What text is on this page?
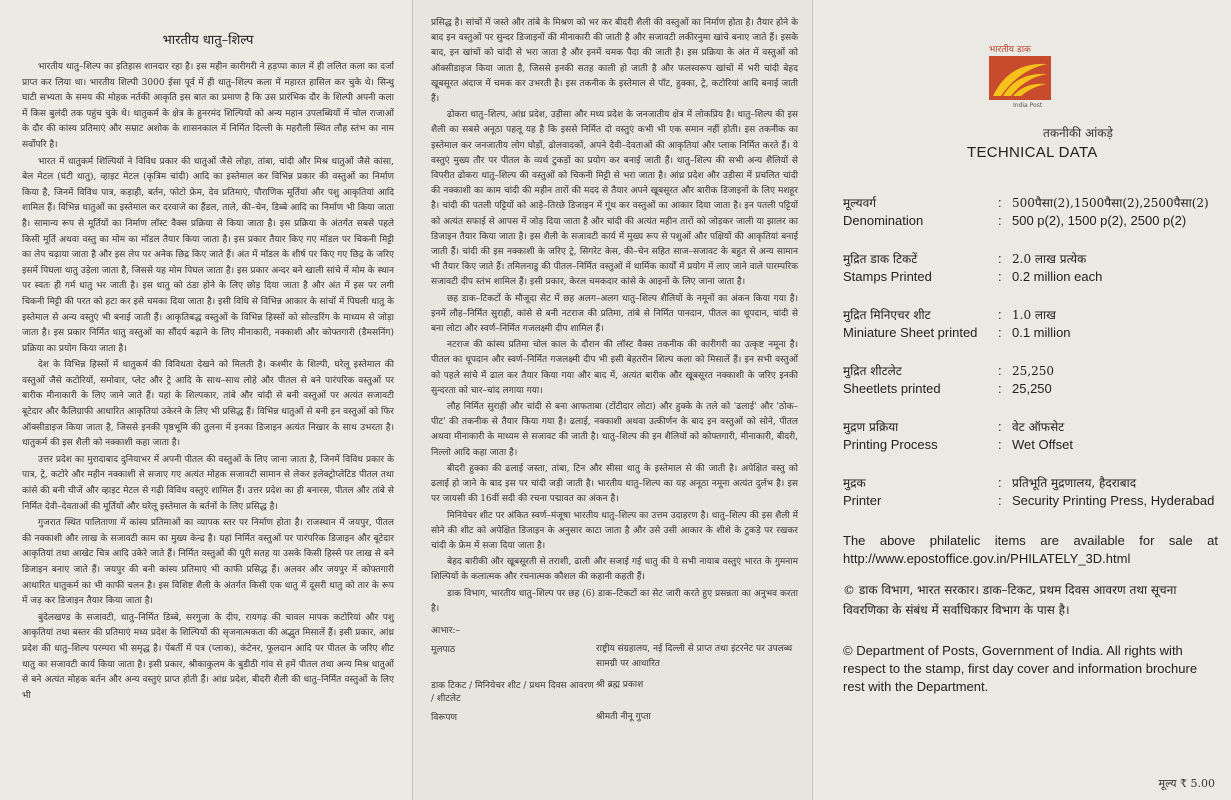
भारतीय धातु–शिल्प

भारतीय धातु–शिल्प का इतिहास शानदार रहा है। इस महीन कारीगरी ने हड़प्पा काल में ही ललित कला का दर्जा प्राप्त कर लिया था। भारतीय शिल्पी 3000 ईसा पूर्व में ही धातु–शिल्प कला में महारत हासिल कर चुके थे। सिन्धु घाटी सभ्यता के समय की मोहक नर्तकी आकृति इस बात का प्रमाण है कि उस प्रारंभिक दौर के शिल्पी अपनी कला में किस बुलंदी तक पहुंच चुके थे। धातुकर्म के क्षेत्र के हुनरमंद शिल्पियों को अन्य महान उपलब्धियों में चोल राजाओं के दौर की कांस्य प्रतिमाएं और सम्राट अशोक के शासनकाल में निर्मित दिल्ली के महरौली स्थित लौह स्तंभ का नाम सर्वोपरि है।

भारत में धातुकर्म शिल्पियों ने विविध प्रकार की धातुओं जैसे लोहा, तांबा, चांदी और मिश्र धातुओं जैसे कांसा, बेल मेटल (घंटी धातु), व्हाइट मेटल (कृत्रिम चांदी) आदि का इस्तेमाल कर विभिन्न प्रकार की वस्तुओं का निर्माण किया है, जिनमें विविध पात्र, कड़ाही, बर्तन, फोटो फ्रेम, देव प्रतिमाएं, पौराणिक मूर्तियां और पशु आकृतियां आदि शामिल हैं। विभिन्न धातुओं का इस्तेमाल कर दरवाजे का हैंडल, ताले, की–चेन, डिब्बे आदि का निर्माण भी किया जाता है। सामान्य रूप से मूर्तियों का निर्माण लॉस्ट वैक्स प्रक्रिया से किया जाता है। इस प्रक्रिया के अंतर्गत सबसे पहले किसी मूर्ति अथवा वस्तु का मोम का मॉडल तैयार किया जाता है। इस प्रकार तैयार किए गए मॉडल पर चिकनी मिट्टी का लेप चढ़ाया जाता है और इस लेप पर अनेक छिद्र किए जाते हैं। अंत में मॉडल के शीर्ष पर किए गए छिद्र के जरिए इसमें पिघला धातु उड़ेला जाता है, जिससे यह मोम पिघल जाता है। इस प्रकार अन्दर बने खाली सांचे में मोम के स्थान पर स्वतः ही गर्म धातु भर जाती है। इस धातु को ठंडा होने के लिए छोड़ दिया जाता है और अंत में इस पर लगी चिकनी मिट्टी की परत को हटा कर इसे चमका दिया जाता है। इसी विधि से विभिन्न आकार के सांचों में पिघली धातु के इस्तेमाल से अन्य वस्तुएं भी बनाई जाती हैं। आकृतिबद्ध वस्तुओं के विभिन्न हिस्सों को सोल्डरिंग के माध्यम से जोड़ा जाता है। इस प्रकार निर्मित धातु वस्तुओं का सौंदर्य बढ़ाने के लिए मीनाकारी, नक्काशी और कोफ्तगारी (डैमसनिंग) प्रक्रिया का प्रयोग किया जाता है।

देश के विभिन्न हिस्सों में धातुकर्म की विविधता देखने को मिलती है। कश्मीर के शिल्पी, घरेलू इस्तेमाल की वस्तुओं जैसे कटोरियों, समोवार, प्लेट और ट्रे आदि के साथ–साथ लोहे और पीतल से बने पारंपरिक वस्तुओं पर बारीक मीनाकारी के लिए जाने जाते हैं। यहां के शिल्पकार, तांबे और चांदी से बनी वस्तुओं पर अत्यंत सजावटी बूटेदार और कैलिग्राफी आधारित आकृतियां उकेरने के लिए भी प्रसिद्ध हैं। विभिन्न धातुओं से बनी इन वस्तुओं को फिर ऑक्सीडाइज किया जाता है, जिससे इनकी पृष्ठभूमि की तुलना में इनका डिजाइन अत्यंत निखार के साथ उभरता है। धातुकर्म की इस शैली को नक्काशी कहा जाता है।

उत्तर प्रदेश का मुरादाबाद दुनियाभर में अपनी पीतल की वस्तुओं के लिए जाना जाता है, जिनमें विविध प्रकार के पात्र, ट्रे, कटोरे और महीन नक्काशी से सजाए गए अत्यंत मोहक सजावटी सामान से लेकर इलेक्ट्रोप्लेटिड पीतल तथा कांसे की बनी चीजें और व्हाइट मेटल से गढ़ी विविध वस्तुएं शामिल हैं। उत्तर प्रदेश का ही बनारस, पीतल और तांबे से निर्मित देवी–देवताओं की मूर्तियों और घरेलू इस्तेमाल के बर्तनों के लिए प्रसिद्ध है।

गुजरात स्थित पालिताणा में कांस्य प्रतिमाओं का व्यापक स्तर पर निर्माण होता है। राजस्थान में जयपुर, पीतल की नक्काशी और लाख के सजावटी काम का मुख्य केन्द्र है। यहां निर्मित वस्तुओं पर पारंपरिक डिजाइन और बूटेदार आकृतियां तथा आखेट चित्र आदि उकेरे जाते हैं। निर्मित वस्तुओं की पूरी सतह या उसके किसी हिस्से पर लाख से बने डिजाइन बनाए जाते हैं। जयपुर की बनी कांस्य प्रतिमाएं भी काफी प्रसिद्ध हैं। अलवर और जयपुर में कोफ्तगारी आधारित धातुकर्म का भी काफी चलन है। इस विशिष्ट शैली के अंतर्गत किसी एक धातु में दूसरी धातु को तार के रूप में जड़ कर डिजाइन तैयार किया जाता है।

बुंदेलखण्ड के सजावटी, धातु–निर्मित डिब्बे, सरगुजा के दीप, रायगढ़ की चावल मापक कटोरियां और पशु आकृतियां तथा बस्तर की प्रतिमाएं मध्य प्रदेश के शिल्पियों की सृजनात्मकता की अद्भुत मिसालें हैं। इसी प्रकार, आंध्र प्रदेश की धातु–शिल्प परम्परा भी समृद्ध है। पेंबर्ती में पत्र (प्लाक), कंटेनर, फूलदान आदि पर पीतल के जरिए शीट धातु का सजावटी कार्य किया जाता है। इसी प्रकार, श्रीकाकुलम के बुडीठी गांव से हमें पीतल तथा अन्य मिश्र धातुओं से बने अत्यंत मोहक बर्तन और अन्य वस्तुएं प्राप्त होती हैं। आंध्र प्रदेश, बीदरी शैली की धातु–निर्मित वस्तुओं के लिए भी

प्रसिद्ध है। सांचों में जस्ते और तांबे के मिश्रण को भर कर बीदरी शैली की वस्तुओं का निर्माण होता है। तैयार होने के बाद इन वस्तुओं पर सुन्दर डिजाइनों की मीनाकारी की जाती है और सजावटी लकीरनुमा खांचे बनाए जाते हैं। इसके बाद, इन खांचों को चांदी से भरा जाता है और इनमें चमक पैदा की जाती है। इस प्रक्रिया के अंत में वस्तुओं को ऑक्सीडाइज किया जाता है, जिससे इनकी सतह काली हो जाती है और फलस्वरूप खांचों में भरी चांदी बेहद खूबसूरत अंदाज में चमक कर उभरती है। इस तकनीक के इस्तेमाल से पॉट, हुक्का, ट्रे, कटोरियां आदि बनाई जाती हैं।

ढोकरा धातु–शिल्प, आंध्र प्रदेश, उड़ीसा और मध्य प्रदेश के जनजातीय क्षेत्र में लोकप्रिय है। धातु–शिल्प की इस शैली का सबसे अनूठा पहलू यह है कि इससे निर्मित दो वस्तुएं कभी भी एक समान नहीं होती। इस तकनीक का इस्तेमाल कर जनजातीय लोग घोड़ों, ढोलवादकों, अपने देवी–देवताओं की आकृतियां और प्लाक निर्मित करते हैं। ये वस्तुएं मुख्य तौर पर पीतल के व्यर्थ टुकड़ों का प्रयोग कर बनाई जाती हैं। धातु–शिल्प की सभी अन्य शैलियों से विपरीत ढोकरा धातु–शिल्प की वस्तुओं को चिकनी मिट्टी से भरा जाता है। आंध्र प्रदेश और उड़ीसा में प्रचलित चांदी की नक्काशी का काम चांदी की महीन तारों की मदद से तैयार अपने खूबसूरत और बारीक डिजाइनों के लिए मशहूर है। चांदी की पतली पट्टियों को आड़े–तिरछे डिजाइन में गूंथ कर वस्तुओं का आकार दिया जाता है। इन पतली पट्टियों को अत्यंत सफाई से आपस में जोड़ दिया जाता है और चांदी की अत्यंत महीन तारों को जोड़कर जाली या झालर का डिजाइन तैयार किया जाता है। इस शैली के सजावटी कार्य में मुख्य रूप से पशुओं और पक्षियों की आकृतियां बनाई जाती हैं। चांदी की इस नक्काशी के जरिए ट्रे, सिगरेट केस, की–चेन सहित साज–सजावट के बहुत से अन्य सामान भी तैयार किए जाते हैं। तमिलनाडु की पीतल–निर्मित वस्तुओं में धार्मिक कार्यों में प्रयोग में लाए जाने वाले पारम्परिक सजावटी दीप स्तंभ शामिल हैं। इसी प्रकार, केरल चमकदार कांसे के आइनों के लिए जाना जाता है।

छह डाक–टिकटों के मौजूदा सेट में छह अलग–अलग धातु–शिल्प शैलियों के नमूनों का अंकन किया गया है। इनमें लौह–निर्मित सुराही, कांसे से बनी नटराज की प्रतिमा, तांबे से निर्मित पानदान, पीतल का धूपदान, चांदी से बना लोटा और स्वर्ण–निर्मित गजलक्ष्मी दीप शामिल हैं।

नटराज की कांस्य प्रतिमा चोल काल के दौरान की लॉस्ट वैक्स तकनीक की कारीगरी का उत्कृष्ट नमूना है। पीतल का धूपदान और स्वर्ण–निर्मित गजलक्ष्मी दीप भी इसी बेहतरीन शिल्प कला को मिसालें हैं। इन सभी वस्तुओं को पहले सांचे में ढाल कर तैयार किया गया और बाद में, अत्यंत बारीक और खूबसूरत नक्काशी के जरिए इनकी सुन्दरता को चार–चांद लगाया गया।

लौह निर्मित सुराही और चांदी से बना आफताबा (टोंटीदार लोटा) और हुक्के के तले को 'ढलाई' और 'ठोक–पीट' की तकनीक से तैयार किया गया है। ढलाई, नक्काशी अथवा उत्कीर्णन के बाद इन वस्तुओं को सोने, पीतल अथवा मीनाकारी के माध्यम से सजावट की जाती है। धातु–शिल्प की इन शैलियों को कोफ्तगारी, मीनाकारी, बीदरी, निल्लो आदि कहा जाता है।

बीदरी हुक्का की ढलाई जस्ता, तांबा, टिन और सीसा धातु के इस्तेमाल से की जाती है। अपेक्षित वस्तु को ढलाई हो जाने के बाद इस पर चांदी जड़ी जाती है। भारतीय धातु–शिल्प का यह अनूठा नमूना अत्यंत दुर्लभ है। इस पर जायसी की 16वीं सदी की रचना पद्मावत का अंकन है।

मिनियेचर शीट पर अंकित स्वर्ण–मंजूषा भारतीय धातु–शिल्प का उत्तम उदाहरण है। धातु–शिल्प की इस शैली में सोने की शीट को अपेक्षित डिजाइन के अनुसार काटा जाता है और उसे उसी आकार के शीशे के टुकड़े पर रखकर चांदी के फ्रेम में सजा दिया जाता है।

बेहद बारीकी और खूबसूरती से तराशी, ढाली और सजाई गई धातु की ये सभी नायाब वस्तुएं भारत के गुमनाम शिल्पियों के कलात्मक और रचनात्मक कौशल की कहानी कहती हैं।

डाक विभाग, भारतीय धातु–शिल्प पर छह (6) डाक–टिकटों का सेट जारी करते हुए प्रसन्नता का अनुभव करता है।

आभार:–
मूलपाठ	राष्ट्रीय संग्रहालय, नई दिल्ली से प्राप्त तथा इंटरनेट पर उपलब्ध सामग्री पर आधारित
डाक टिकट / मिनियेचर शीट / प्रथम दिवस आवरण / शीटलेट
श्री ब्रह्म प्रकाश
विरूपण	श्रीमती नीनू गुप्ता
भारतीय डाक
India Post
तकनीकी आंकड़े
TECHNICAL DATA
मूल्यवर्ग
Denomination
:
:
500पैसा(2),1500पैसा(2),2500पैसा(2)
500 p(2), 1500 p(2), 2500 p(2)
मुद्रित डाक टिकटें
Stamps Printed
:
:
2.0 लाख प्रत्येक
0.2 million each
मुद्रित मिनिएचर शीट
Miniature Sheet printed
:
:
1.0 लाख
0.1 million
मुद्रित शीटलेट
Sheetlets printed
:
:
25,250
25,250
मुद्रण प्रक्रिया
Printing Process
:
:
वेट ऑफसेट
Wet Offset
मुद्रक
Printer
:
:
प्रतिभूति मुद्रणालय, हैदराबाद
Security Printing Press, Hyderabad
The above philatelic items are available for sale at http://www.epostoffice.gov.in/PHILATELY_3D.html
© डाक विभाग, भारत सरकार। डाक–टिकट, प्रथम दिवस आवरण तथा सूचना विवरणिका के संबंध में सर्वाधिकार विभाग के पास है।
© Department of Posts, Government of India. All rights with respect to the stamp, first day cover and information brochure rest with the Department.
मूल्य ₹ 5.00
